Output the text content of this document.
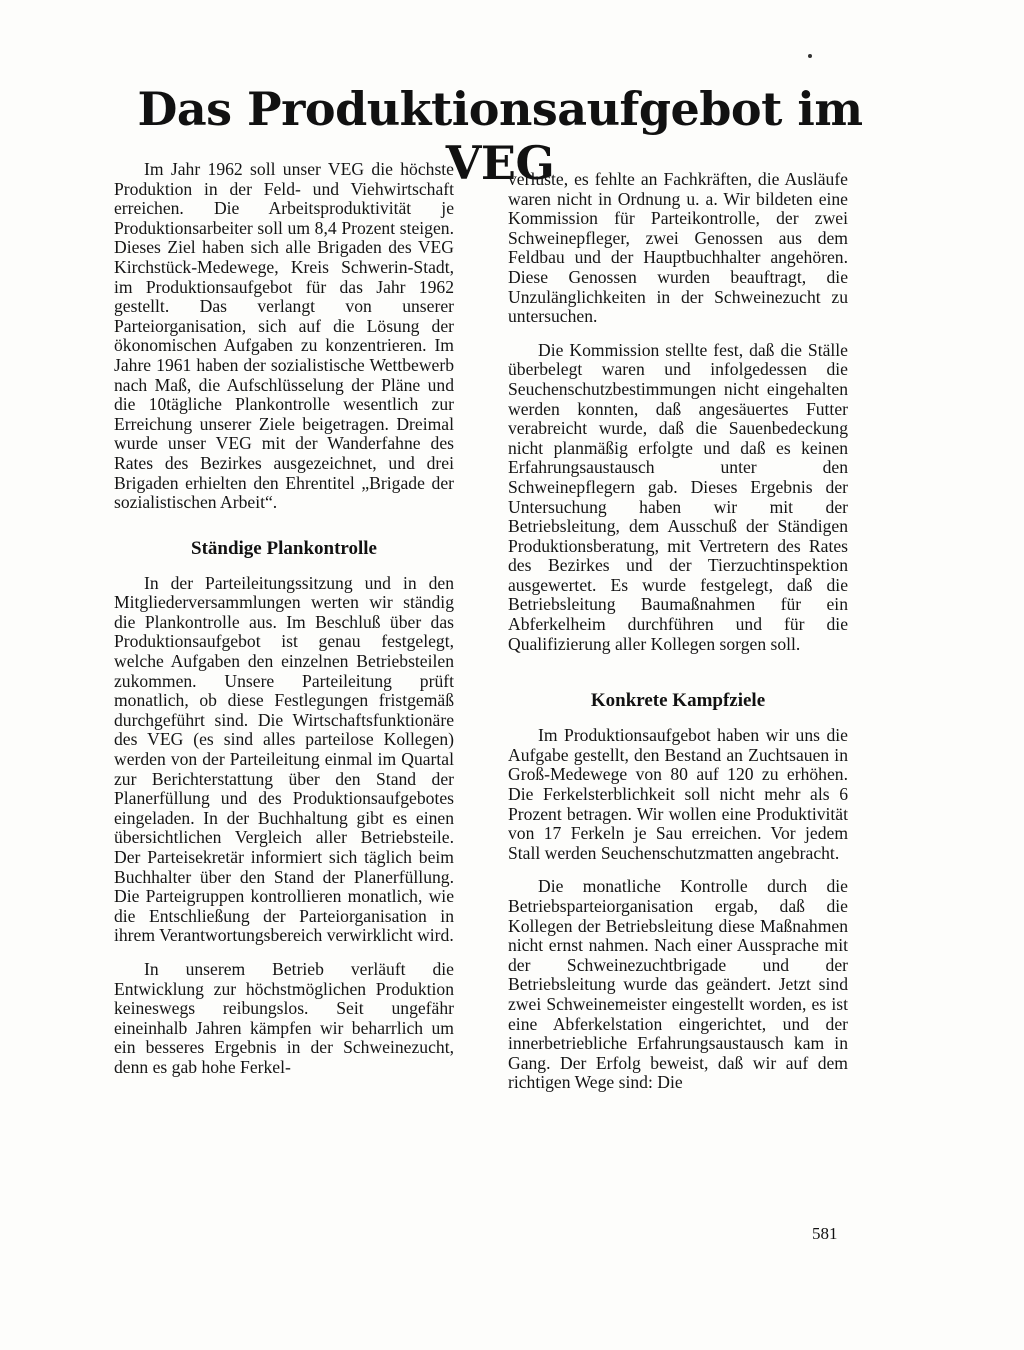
Das Produktionsaufgebot im VEG

Im Jahr 1962 soll unser VEG die höchste Produktion in der Feld- und Viehwirtschaft erreichen. Die Arbeitsproduktivität je Produktionsarbeiter soll um 8,4 Prozent steigen. Dieses Ziel haben sich alle Brigaden des VEG Kirchstück-Medewege, Kreis Schwerin-Stadt, im Produktionsaufgebot für das Jahr 1962 gestellt. Das verlangt von unserer Parteiorganisation, sich auf die Lösung der ökonomischen Aufgaben zu konzentrieren. Im Jahre 1961 haben der sozialistische Wettbewerb nach Maß, die Aufschlüsselung der Pläne und die 10tägliche Plankontrolle wesentlich zur Erreichung unserer Ziele beigetragen. Dreimal wurde unser VEG mit der Wanderfahne des Rates des Bezirkes ausgezeichnet, und drei Brigaden erhielten den Ehrentitel „Brigade der sozialistischen Arbeit“.

Ständige Plankontrolle

In der Parteileitungssitzung und in den Mitgliederversammlungen werten wir ständig die Plankontrolle aus. Im Beschluß über das Produktionsaufgebot ist genau festgelegt, welche Aufgaben den einzelnen Betriebsteilen zukommen. Unsere Parteileitung prüft monatlich, ob diese Festlegungen fristgemäß durchgeführt sind. Die Wirtschaftsfunktionäre des VEG (es sind alles parteilose Kollegen) werden von der Parteileitung einmal im Quartal zur Berichterstattung über den Stand der Planerfüllung und des Produktionsaufgebotes eingeladen. In der Buchhaltung gibt es einen übersichtlichen Vergleich aller Betriebsteile. Der Parteisekretär informiert sich täglich beim Buchhalter über den Stand der Planerfüllung. Die Parteigruppen kontrollieren monatlich, wie die Entschließung der Parteiorganisation in ihrem Verantwortungsbereich verwirklicht wird.

In unserem Betrieb verläuft die Entwicklung zur höchstmöglichen Produktion keineswegs reibungslos. Seit ungefähr eineinhalb Jahren kämpfen wir beharrlich um ein besseres Ergebnis in der Schweinezucht, denn es gab hohe Ferkel-

verluste, es fehlte an Fachkräften, die Ausläufe waren nicht in Ordnung u. a. Wir bildeten eine Kommission für Parteikontrolle, der zwei Schweinepfleger, zwei Genossen aus dem Feldbau und der Hauptbuchhalter angehören. Diese Genossen wurden beauftragt, die Unzulänglichkeiten in der Schweinezucht zu untersuchen.

Die Kommission stellte fest, daß die Ställe überbelegt waren und infolgedessen die Seuchenschutzbestimmungen nicht eingehalten werden konnten, daß angesäuertes Futter verabreicht wurde, daß die Sauenbedeckung nicht planmäßig erfolgte und daß es keinen Erfahrungsaustausch unter den Schweinepflegern gab. Dieses Ergebnis der Untersuchung haben wir mit der Betriebsleitung, dem Ausschuß der Ständigen Produktionsberatung, mit Vertretern des Rates des Bezirkes und der Tierzuchtinspektion ausgewertet. Es wurde festgelegt, daß die Betriebsleitung Baumaßnahmen für ein Abferkelheim durchführen und für die Qualifizierung aller Kollegen sorgen soll.

Konkrete Kampfziele

Im Produktionsaufgebot haben wir uns die Aufgabe gestellt, den Bestand an Zuchtsauen in Groß-Medewege von 80 auf 120 zu erhöhen. Die Ferkelsterblichkeit soll nicht mehr als 6 Prozent betragen. Wir wollen eine Produktivität von 17 Ferkeln je Sau erreichen. Vor jedem Stall werden Seuchenschutzmatten angebracht.

Die monatliche Kontrolle durch die Betriebsparteiorganisation ergab, daß die Kollegen der Betriebsleitung diese Maßnahmen nicht ernst nahmen. Nach einer Aussprache mit der Schweinezuchtbrigade und der Betriebsleitung wurde das geändert. Jetzt sind zwei Schweinemeister eingestellt worden, es ist eine Abferkelstation eingerichtet, und der innerbetriebliche Erfahrungsaustausch kam in Gang. Der Erfolg beweist, daß wir auf dem richtigen Wege sind: Die

581
